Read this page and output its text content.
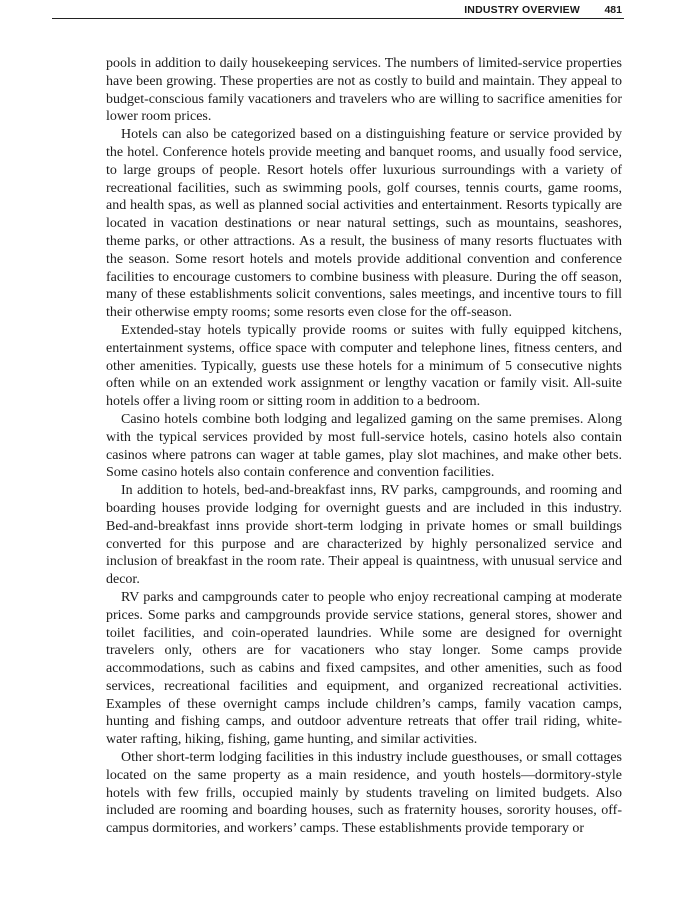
INDUSTRY OVERVIEW 481

pools in addition to daily housekeeping services. The numbers of limited-service properties have been growing. These properties are not as costly to build and maintain. They appeal to budget-conscious family vacationers and travelers who are willing to sacrifice amenities for lower room prices.

Hotels can also be categorized based on a distinguishing feature or service provided by the hotel. Conference hotels provide meeting and banquet rooms, and usually food service, to large groups of people. Resort hotels offer luxurious surroundings with a variety of recreational facilities, such as swimming pools, golf courses, tennis courts, game rooms, and health spas, as well as planned social activities and entertainment. Resorts typically are located in vacation destinations or near natural settings, such as mountains, seashores, theme parks, or other attractions. As a result, the business of many resorts fluctuates with the season. Some resort hotels and motels provide additional convention and conference facilities to encourage customers to combine business with pleasure. During the off season, many of these establishments solicit conventions, sales meetings, and incentive tours to fill their otherwise empty rooms; some resorts even close for the off-season.

Extended-stay hotels typically provide rooms or suites with fully equipped kitchens, entertainment systems, office space with computer and telephone lines, fitness centers, and other amenities. Typically, guests use these hotels for a minimum of 5 consecutive nights often while on an extended work assignment or lengthy vacation or family visit. All-suite hotels offer a living room or sitting room in addition to a bedroom.

Casino hotels combine both lodging and legalized gaming on the same premises. Along with the typical services provided by most full-service hotels, casino hotels also contain casinos where patrons can wager at table games, play slot machines, and make other bets. Some casino hotels also contain conference and convention facilities.

In addition to hotels, bed-and-breakfast inns, RV parks, campgrounds, and rooming and boarding houses provide lodging for overnight guests and are included in this industry. Bed-and-breakfast inns provide short-term lodging in private homes or small buildings converted for this purpose and are characterized by highly personalized service and inclusion of breakfast in the room rate. Their appeal is quaintness, with unusual service and decor.

RV parks and campgrounds cater to people who enjoy recreational camping at moderate prices. Some parks and campgrounds provide service stations, general stores, shower and toilet facilities, and coin-operated laundries. While some are designed for overnight travelers only, others are for vacationers who stay longer. Some camps provide accommodations, such as cabins and fixed campsites, and other amenities, such as food services, recreational facilities and equipment, and organized recreational activities. Examples of these overnight camps include children’s camps, family vacation camps, hunting and fishing camps, and outdoor adventure retreats that offer trail riding, white-water rafting, hiking, fishing, game hunting, and similar activities.

Other short-term lodging facilities in this industry include guesthouses, or small cottages located on the same property as a main residence, and youth hostels—dormitory-style hotels with few frills, occupied mainly by students traveling on limited budgets. Also included are rooming and boarding houses, such as fraternity houses, sorority houses, off-campus dormitories, and workers’ camps. These establishments provide temporary or
